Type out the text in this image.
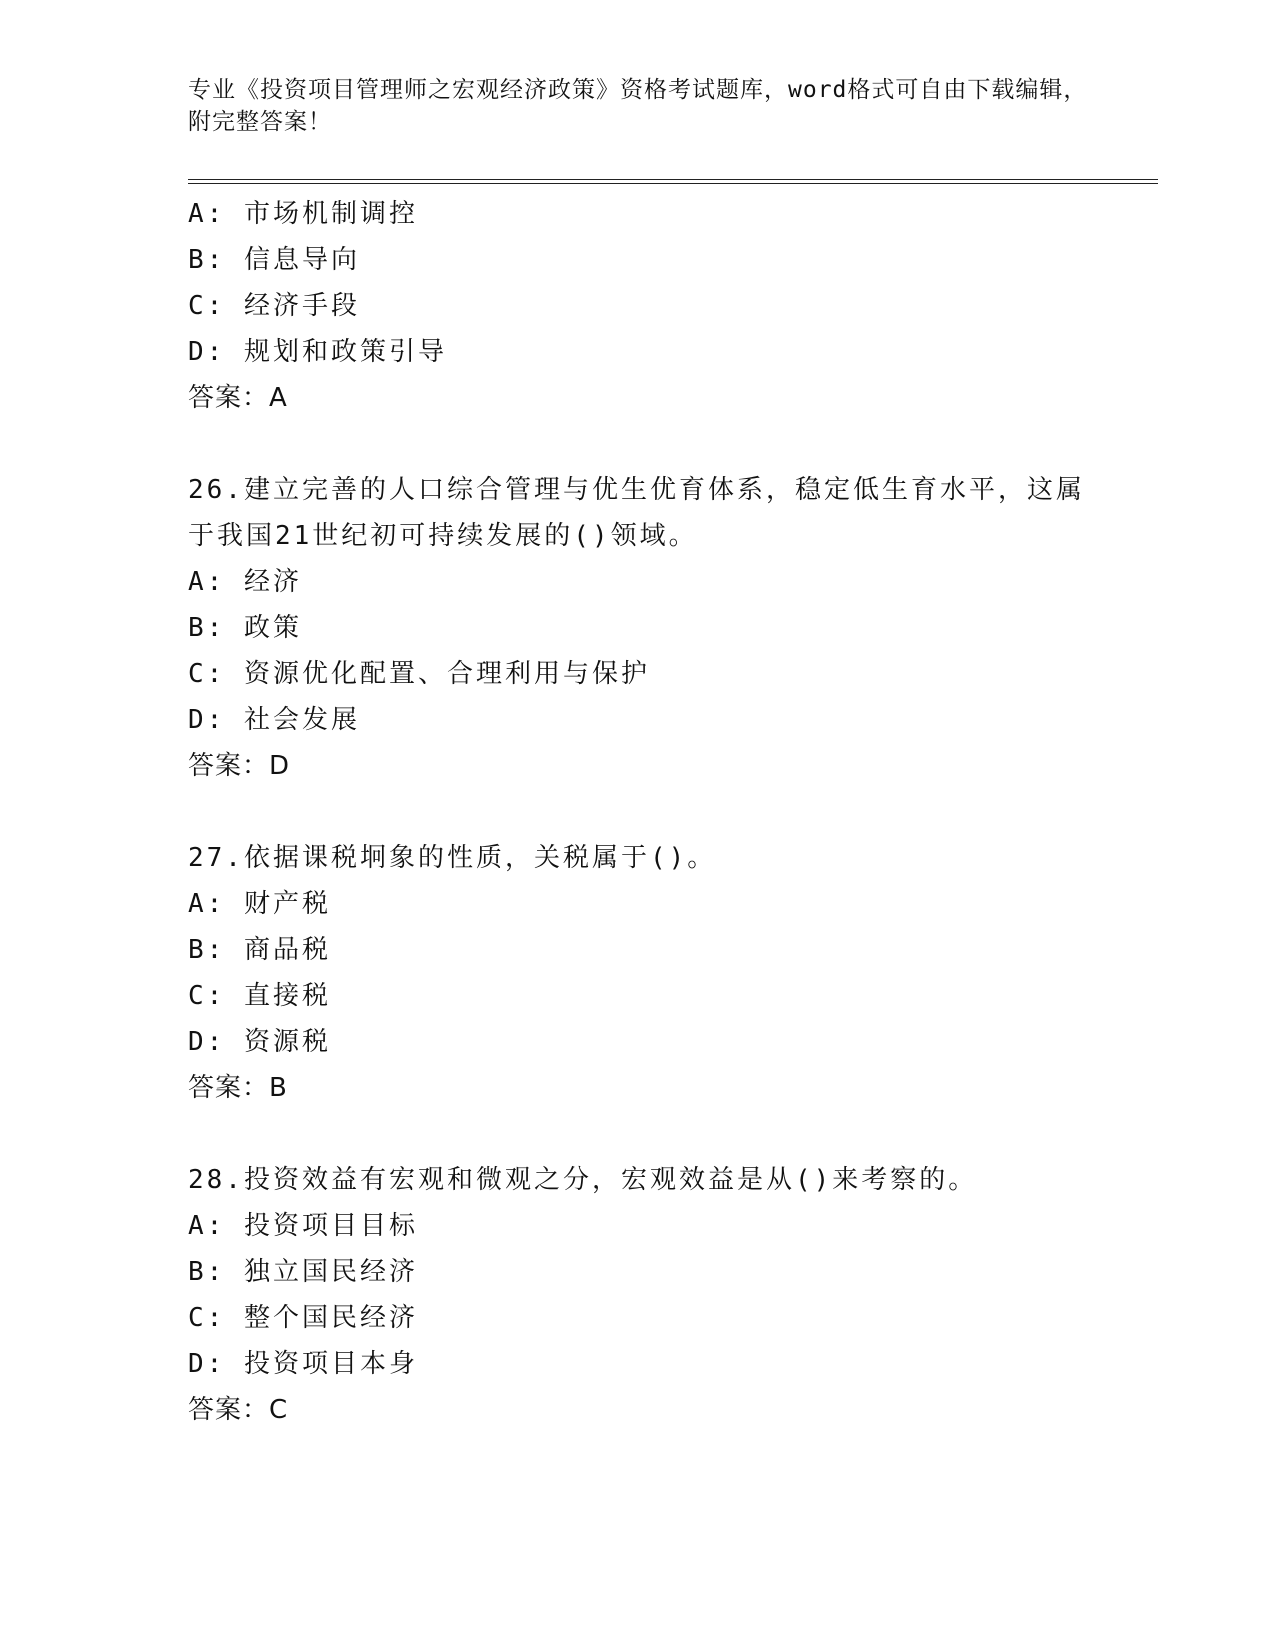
专业《投资项目管理师之宏观经济政策》资格考试题库，word格式可自由下载编辑，附完整答案！
A: 市场机制调控
B: 信息导向
C: 经济手段
D: 规划和政策引导
答案：A
26.建立完善的人口综合管理与优生优育体系，稳定低生育水平，这属于我国21世纪初可持续发展的()领域。
A: 经济
B: 政策
C: 资源优化配置、合理利用与保护
D: 社会发展
答案：D
27.依据课税坰象的性质，关税属于()。
A: 财产税
B: 商品税
C: 直接税
D: 资源税
答案：B
28.投资效益有宏观和微观之分，宏观效益是从()来考察的。
A: 投资项目目标
B: 独立国民经济
C: 整个国民经济
D: 投资项目本身
答案：C
